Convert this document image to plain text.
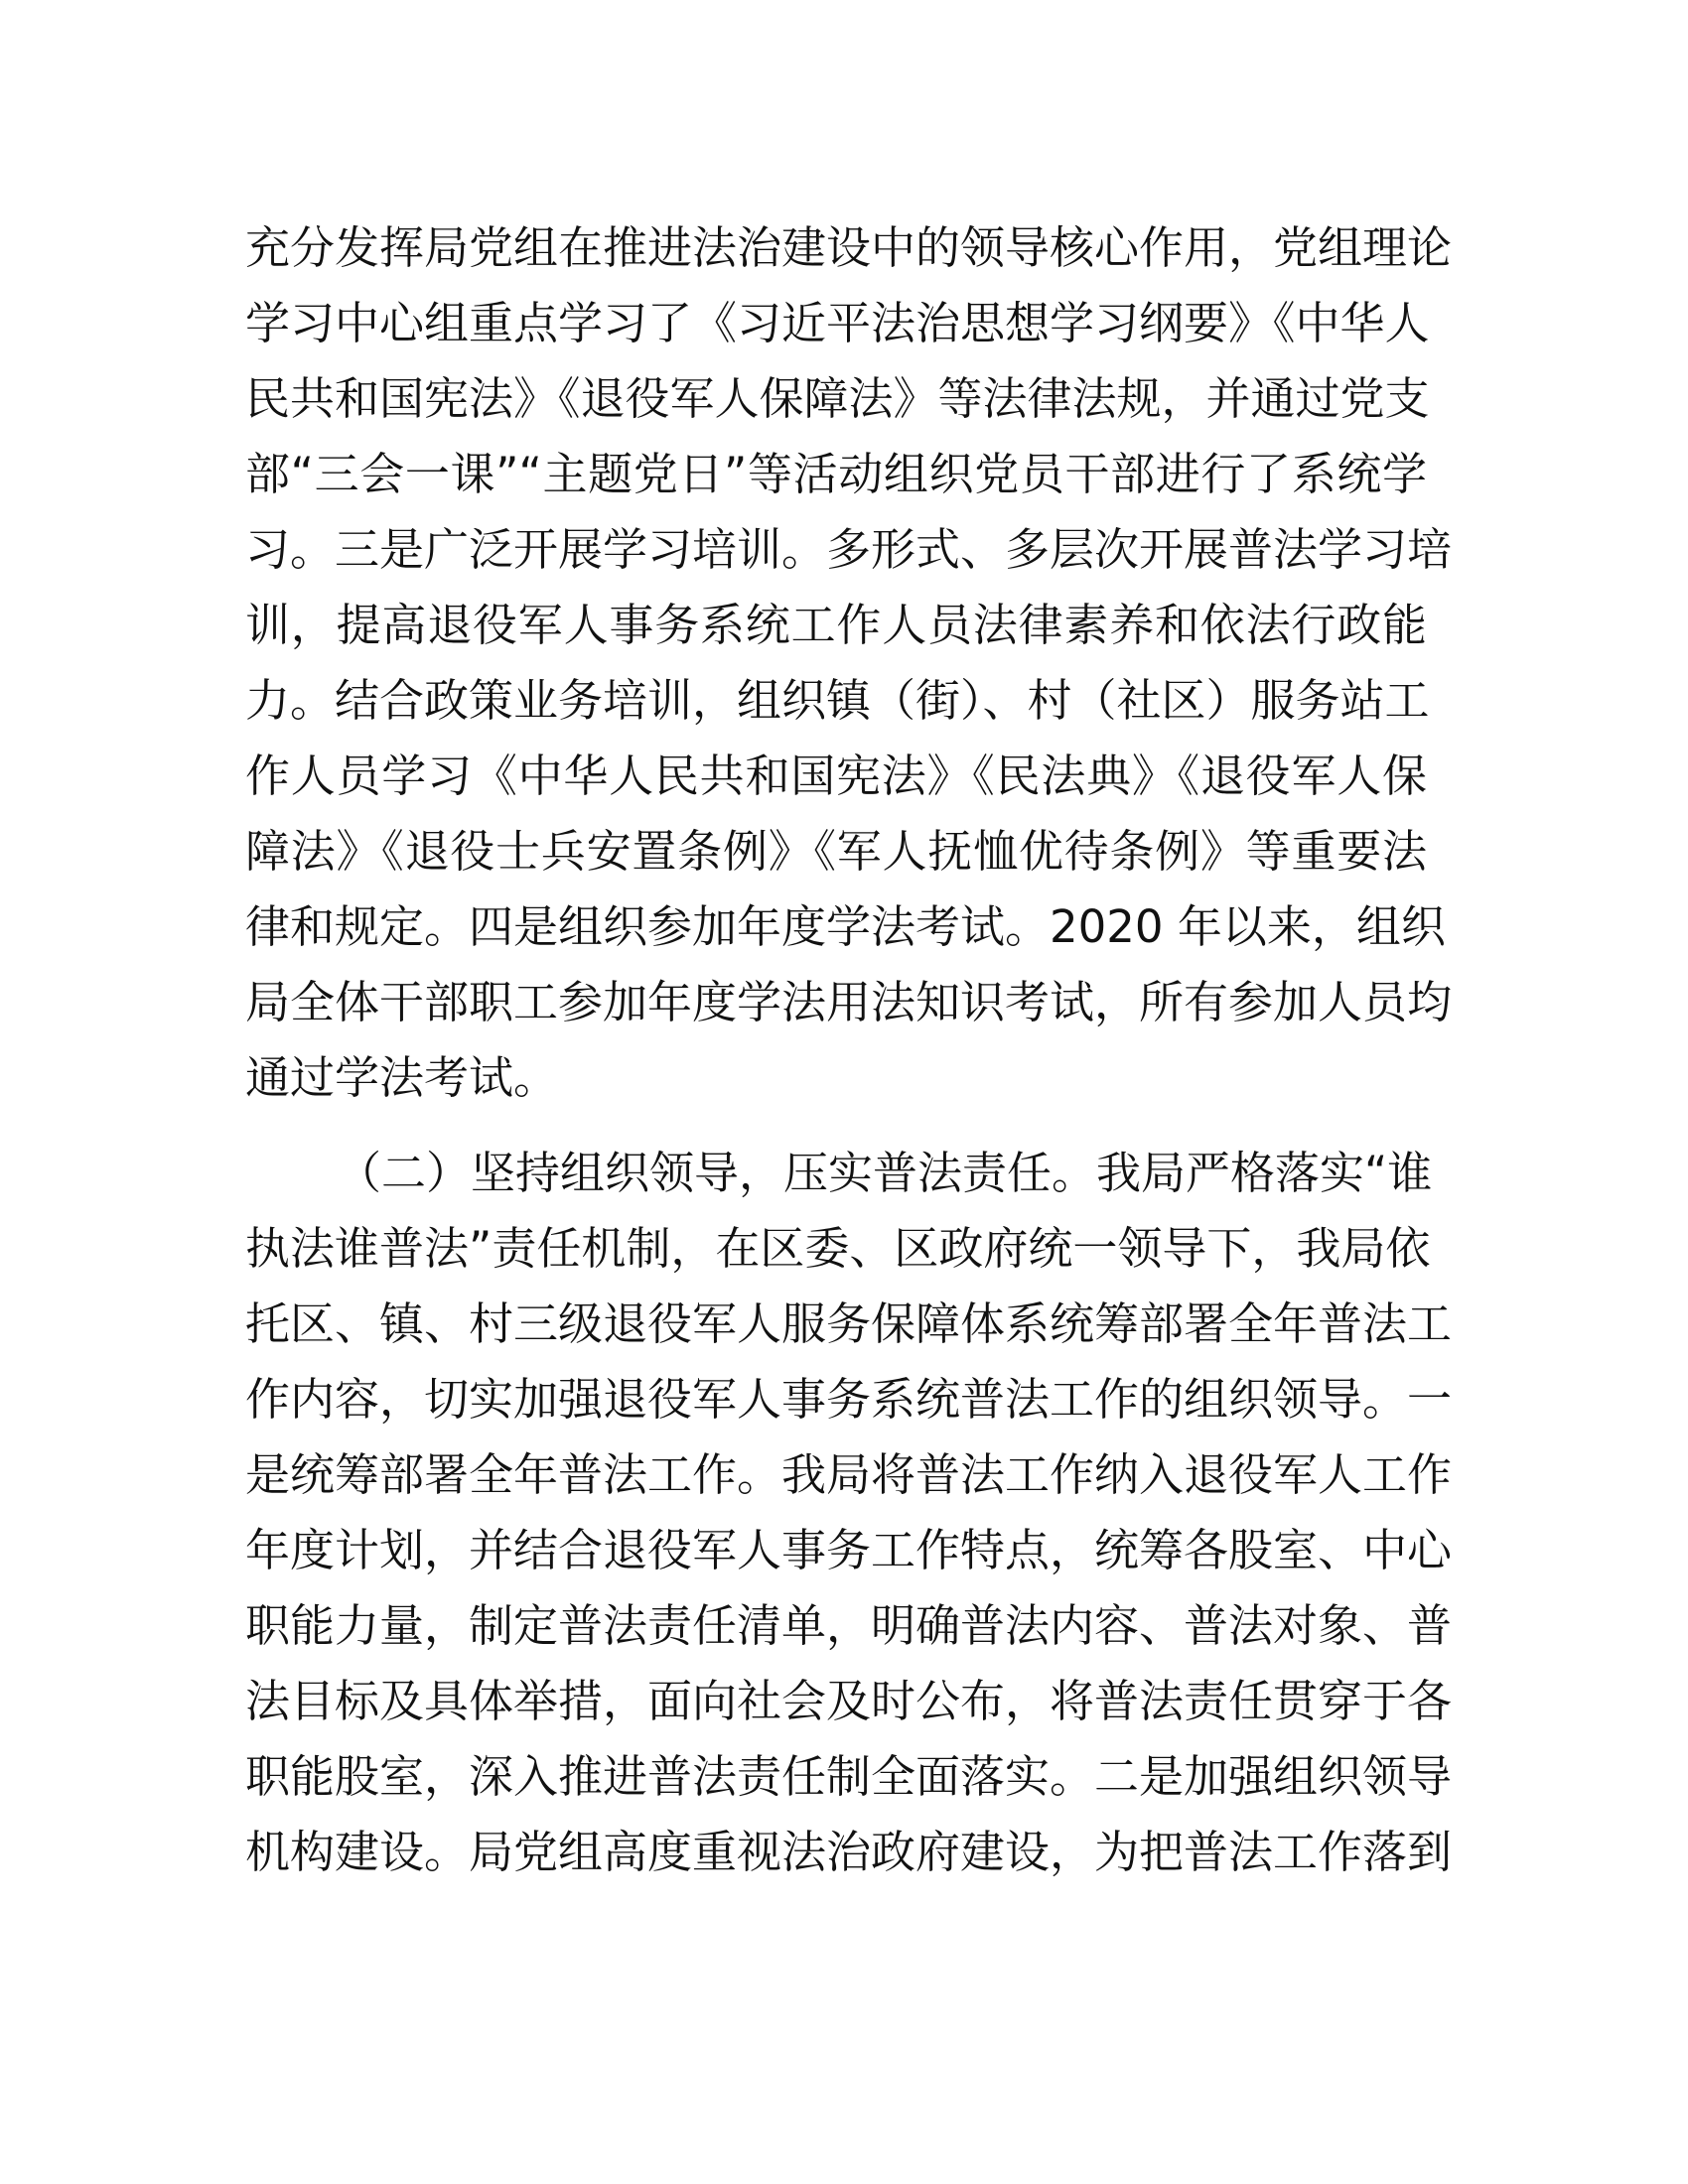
充分发挥局党组在推进法治建设中的领导核心作用，党组理论
学习中心组重点学习了《习近平法治思想学习纲要》《中华人
民共和国宪法》《退役军人保障法》等法律法规，并通过党支
部“三会一课”“主题党日”等活动组织党员干部进行了系统学
习。三是广泛开展学习培训。多形式、多层次开展普法学习培
训，提高退役军人事务系统工作人员法律素养和依法行政能
力。结合政策业务培训，组织镇（街）、村（社区）服务站工
作人员学习《中华人民共和国宪法》《民法典》《退役军人保
障法》《退役士兵安置条例》《军人抚恤优待条例》等重要法
律和规定。四是组织参加年度学法考试。2020 年以来，组织
局全体干部职工参加年度学法用法知识考试，所有参加人员均
通过学法考试。
（二）坚持组织领导，压实普法责任。我局严格落实“谁
执法谁普法”责任机制，在区委、区政府统一领导下，我局依
托区、镇、村三级退役军人服务保障体系统筹部署全年普法工
作内容，切实加强退役军人事务系统普法工作的组织领导。一
是统筹部署全年普法工作。我局将普法工作纳入退役军人工作
年度计划，并结合退役军人事务工作特点，统筹各股室、中心
职能力量，制定普法责任清单，明确普法内容、普法对象、普
法目标及具体举措，面向社会及时公布，将普法责任贯穿于各
职能股室，深入推进普法责任制全面落实。二是加强组织领导
机构建设。局党组高度重视法治政府建设，为把普法工作落到
